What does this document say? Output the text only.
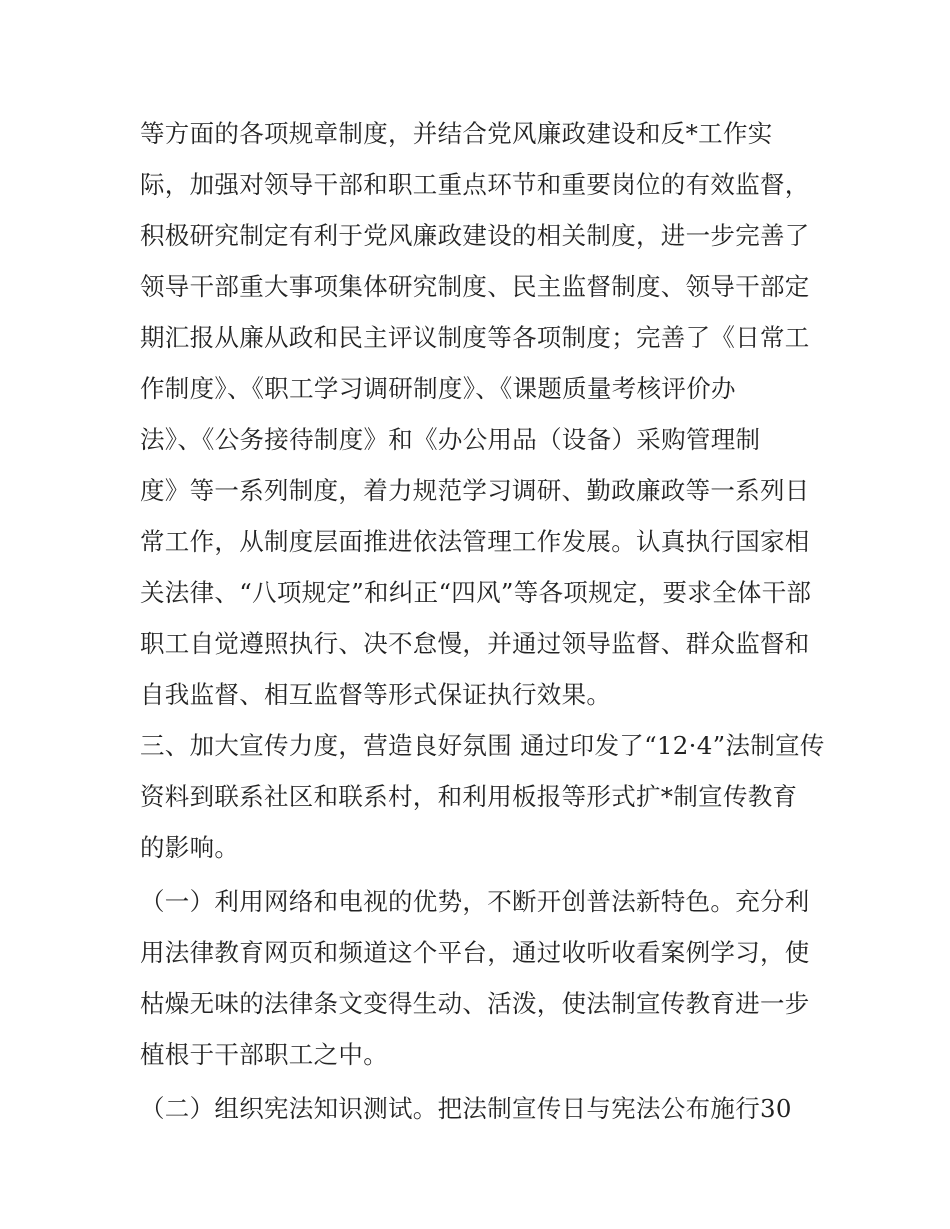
等方面的各项规章制度，并结合党风廉政建设和反*工作实
际，加强对领导干部和职工重点环节和重要岗位的有效监督，
积极研究制定有利于党风廉政建设的相关制度，进一步完善了
领导干部重大事项集体研究制度、民主监督制度、领导干部定
期汇报从廉从政和民主评议制度等各项制度；完善了《日常工
作制度》、《职工学习调研制度》、《课题质量考核评价办
法》、《公务接待制度》和《办公用品（设备）采购管理制
度》等一系列制度，着力规范学习调研、勤政廉政等一系列日
常工作，从制度层面推进依法管理工作发展。认真执行国家相
关法律、“八项规定”和纠正“四风”等各项规定，要求全体干部
职工自觉遵照执行、决不怠慢，并通过领导监督、群众监督和
自我监督、相互监督等形式保证执行效果。
三、加大宣传力度，营造良好氛围 通过印发了“12·4”法制宣传
资料到联系社区和联系村，和利用板报等形式扩*制宣传教育
的影响。
（一）利用网络和电视的优势，不断开创普法新特色。充分利
用法律教育网页和频道这个平台，通过收听收看案例学习，使
枯燥无味的法律条文变得生动、活泼，使法制宣传教育进一步
植根于干部职工之中。
（二）组织宪法知识测试。把法制宣传日与宪法公布施行30
